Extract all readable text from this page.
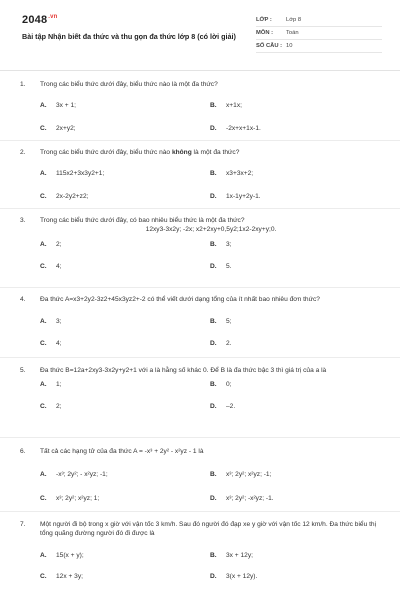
$2048^{.vn}$
Bài tập Nhận biết đa thức và thu gọn đa thức lớp 8 (có lời giải)
LỚP :	Lớp 8
MÔN :	Toán
SỐ CÂU : 10
1.	Trong các biểu thức dưới đây, biểu thức nào là một đa thức?
A.	3x + 1;	B.	x+1x;
C.	2x+y2;	D.	-2x+x+1x-1.
2.	Trong các biểu thức dưới đây, biểu thức nào không là một đa thức?
A.	115x2+3x3y2+1;	B.	x3+3x+2;
C.	2x-2y2+z2;	D.	1x-1y+2y-1.
3.	Trong các biểu thức dưới đây, có bao nhiêu biểu thức là một đa thức?
12xy3-3x2y; -2x; x2+2xy+0,5y2;1x2-2xy+y;0.
A.	2;	B.	3;
C.	4;	D.	5.
4.	Đa thức A=x3+2y2-3z2+45x3yz2+-2 có thể viết dưới dạng tổng của ít nhất bao nhiêu đơn thức?
A.	3;	B.	5;
C.	4;	D.	2.
5.	Đa thức B=12a+2xy3-3x2y+y2+1 với a là hằng số khác 0. Để B là đa thức bậc 3 thì giá trị của a là
A.	1;	B.	0;
C.	2;	D.	–2.
6.	Tất cả các hạng tử của đa thức A = -x³ + 2y² - x²yz - 1 là
A.	-x³; 2y²; - x²yz; -1;	B.	x³; 2y²; x²yz; -1;
C.	x³; 2y²; x²yz; 1;	D.	x³; 2y²; -x²yz; -1.
7.	Một người đi bộ trong x giờ với vận tốc 3 km/h. Sau đó người đó đạp xe y giờ với vận tốc 12 km/h. Đa thức biểu thị tổng quãng đường người đó đi được là
A.	15(x + y);	B.	3x + 12y;
C.	12x + 3y;	D.	3(x + 12y).
